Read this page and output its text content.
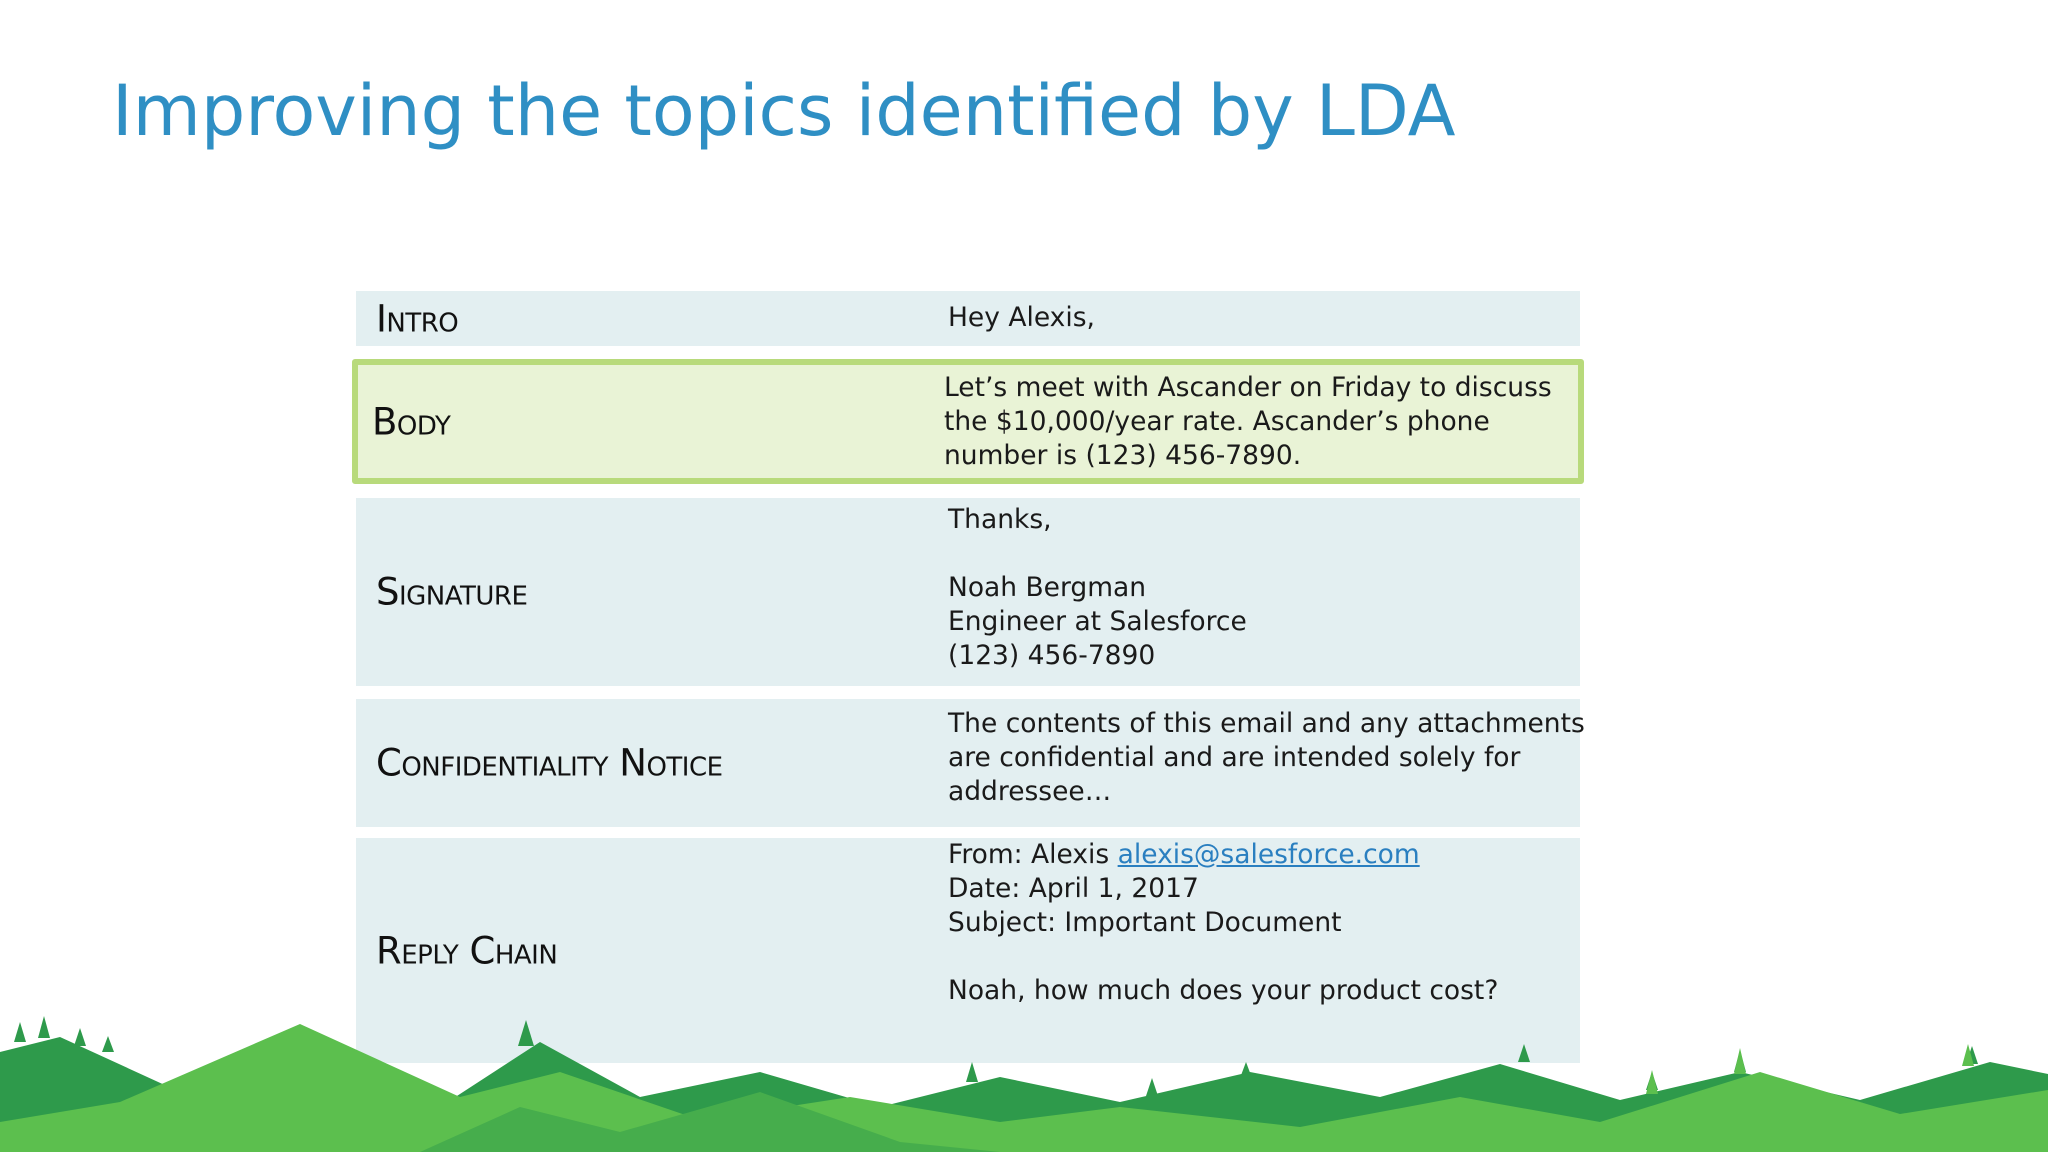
Improving the topics identified by LDA
Intro	Hey Alexis,
Body
Let’s meet with Ascander on Friday to discuss
the $10,000/year rate. Ascander’s phone
number is (123) 456-7890.
Signature
Thanks,
Noah Bergman
Engineer at Salesforce
(123) 456-7890
Confidentiality Notice
The contents of this email and any attachments
are confidential and are intended solely for
addressee…
Reply Chain
From: Alexis alexis@salesforce.com
Date: April 1, 2017
Subject: Important Document
Noah, how much does your product cost?
